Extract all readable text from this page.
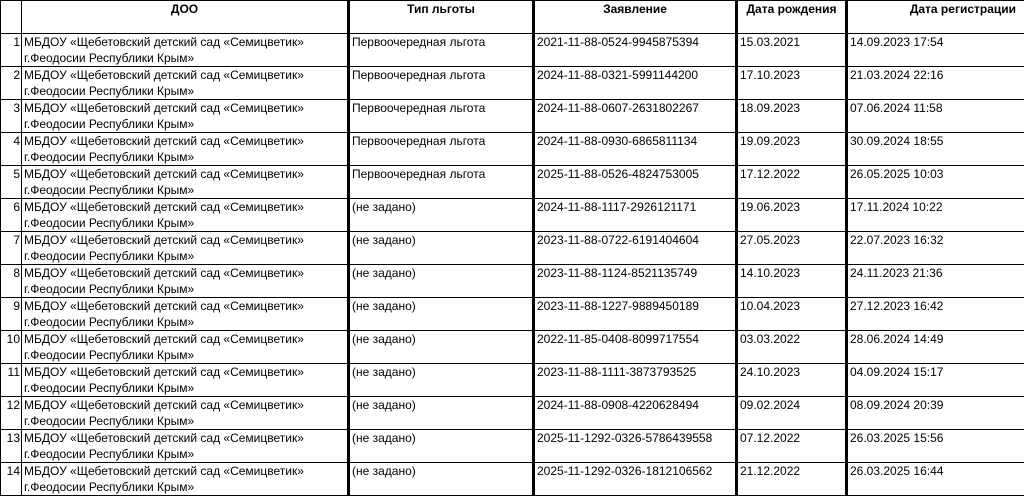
	ДОО	Тип льготы	Заявление	Дата рождения	Дата регистрации
1	МБДОУ «Щебетовский детский сад «Семицветик» г.Феодосии Республики Крым»	Первоочередная льгота	2021-11-88-0524-9945875394	15.03.2021	14.09.2023 17:54
2	МБДОУ «Щебетовский детский сад «Семицветик» г.Феодосии Республики Крым»	Первоочередная льгота	2024-11-88-0321-5991144200	17.10.2023	21.03.2024 22:16
3	МБДОУ «Щебетовский детский сад «Семицветик» г.Феодосии Республики Крым»	Первоочередная льгота	2024-11-88-0607-2631802267	18.09.2023	07.06.2024 11:58
4	МБДОУ «Щебетовский детский сад «Семицветик» г.Феодосии Республики Крым»	Первоочередная льгота	2024-11-88-0930-6865811134	19.09.2023	30.09.2024 18:55
5	МБДОУ «Щебетовский детский сад «Семицветик» г.Феодосии Республики Крым»	Первоочередная льгота	2025-11-88-0526-4824753005	17.12.2022	26.05.2025 10:03
6	МБДОУ «Щебетовский детский сад «Семицветик» г.Феодосии Республики Крым»	(не задано)	2024-11-88-1117-2926121171	19.06.2023	17.11.2024 10:22
7	МБДОУ «Щебетовский детский сад «Семицветик» г.Феодосии Республики Крым»	(не задано)	2023-11-88-0722-6191404604	27.05.2023	22.07.2023 16:32
8	МБДОУ «Щебетовский детский сад «Семицветик» г.Феодосии Республики Крым»	(не задано)	2023-11-88-1124-8521135749	14.10.2023	24.11.2023 21:36
9	МБДОУ «Щебетовский детский сад «Семицветик» г.Феодосии Республики Крым»	(не задано)	2023-11-88-1227-9889450189	10.04.2023	27.12.2023 16:42
10	МБДОУ «Щебетовский детский сад «Семицветик» г.Феодосии Республики Крым»	(не задано)	2022-11-85-0408-8099717554	03.03.2022	28.06.2024 14:49
11	МБДОУ «Щебетовский детский сад «Семицветик» г.Феодосии Республики Крым»	(не задано)	2023-11-88-1111-3873793525	24.10.2023	04.09.2024 15:17
12	МБДОУ «Щебетовский детский сад «Семицветик» г.Феодосии Республики Крым»	(не задано)	2024-11-88-0908-4220628494	09.02.2024	08.09.2024 20:39
13	МБДОУ «Щебетовский детский сад «Семицветик» г.Феодосии Республики Крым»	(не задано)	2025-11-1292-0326-5786439558	07.12.2022	26.03.2025 15:56
14	МБДОУ «Щебетовский детский сад «Семицветик» г.Феодосии Республики Крым»	(не задано)	2025-11-1292-0326-1812106562	21.12.2022	26.03.2025 16:44
